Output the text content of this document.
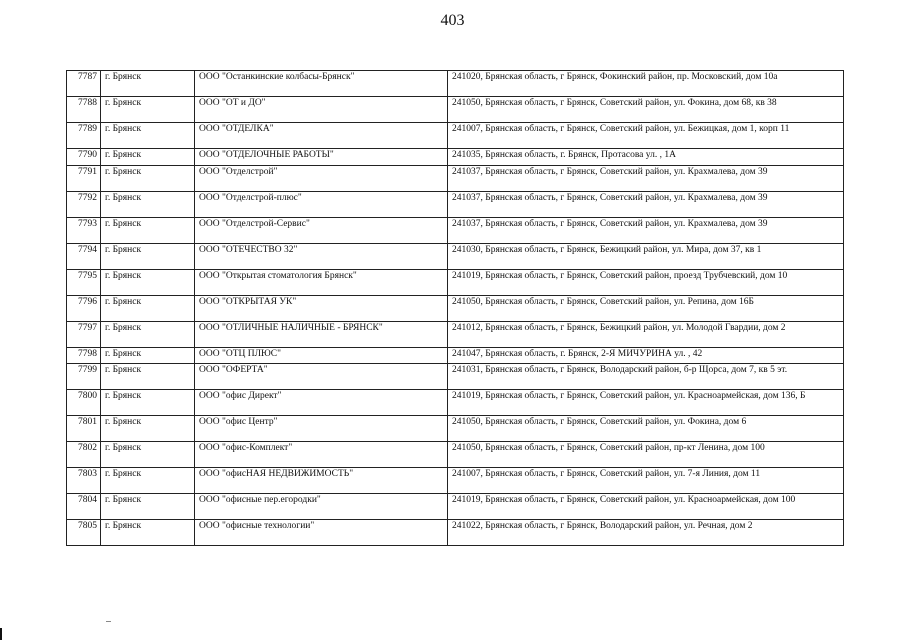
403
7787	г. Брянск	ООО "Останкинские колбасы-Брянск"	241020, Брянская область, г Брянск, Фокинский район, пр. Московский, дом 10а
7788	г. Брянск	ООО "ОТ и ДО"	241050, Брянская область, г Брянск, Советский район, ул. Фокина, дом 68, кв 38
7789	г. Брянск	ООО "ОТДЕЛКА"	241007, Брянская область, г Брянск, Советский район, ул. Бежицкая, дом 1, корп 11
7790	г. Брянск	ООО "ОТДЕЛОЧНЫЕ РАБОТЫ"	241035, Брянская область, г. Брянск, Протасова ул. , 1А
7791	г. Брянск	ООО "Отделстрой"	241037, Брянская область, г Брянск, Советский район, ул. Крахмалева, дом 39
7792	г. Брянск	ООО "Отделстрой-плюс"	241037, Брянская область, г Брянск, Советский район, ул. Крахмалева, дом 39
7793	г. Брянск	ООО "Отделстрой-Сервис"	241037, Брянская область, г Брянск, Советский район, ул. Крахмалева, дом 39
7794	г. Брянск	ООО "ОТЕЧЕСТВО 32"	241030, Брянская область, г Брянск, Бежицкий район, ул. Мира, дом 37, кв 1
7795	г. Брянск	ООО "Открытая стоматология Брянск"	241019, Брянская область, г Брянск, Советский район, проезд Трубчевский, дом 10
7796	г. Брянск	ООО "ОТКРЫТАЯ УК"	241050, Брянская область, г Брянск, Советский район, ул. Репина, дом 16Б
7797	г. Брянск	ООО "ОТЛИЧНЫЕ НАЛИЧНЫЕ - БРЯНСК"	241012, Брянская область, г Брянск, Бежицкий район, ул. Молодой Гвардии, дом 2
7798	г. Брянск	ООО "ОТЦ ПЛЮС"	241047, Брянская область, г. Брянск, 2-Я МИЧУРИНА ул. , 42
7799	г. Брянск	ООО "ОФЕРТА"	241031, Брянская область, г Брянск, Володарский район, б-р Щорса, дом 7, кв 5 эт.
7800	г. Брянск	ООО "офис Директ"	241019, Брянская область, г Брянск, Советский район, ул. Красноармейская, дом 136, Б
7801	г. Брянск	ООО "офис Центр"	241050, Брянская область, г Брянск, Советский район, ул. Фокина, дом 6
7802	г. Брянск	ООО "офис-Комплект"	241050, Брянская область, г Брянск, Советский район, пр-кт Ленина, дом 100
7803	г. Брянск	ООО "офисНАЯ НЕДВИЖИМОСТЬ"	241007, Брянская область, г Брянск, Советский район, ул. 7-я Линия, дом 11
7804	г. Брянск	ООО "офисные пер.егородки"	241019, Брянская область, г Брянск, Советский район, ул. Красноармейская, дом 100
7805	г. Брянск	ООО "офисные технологии"	241022, Брянская область, г Брянск, Володарский район, ул. Речная, дом 2
